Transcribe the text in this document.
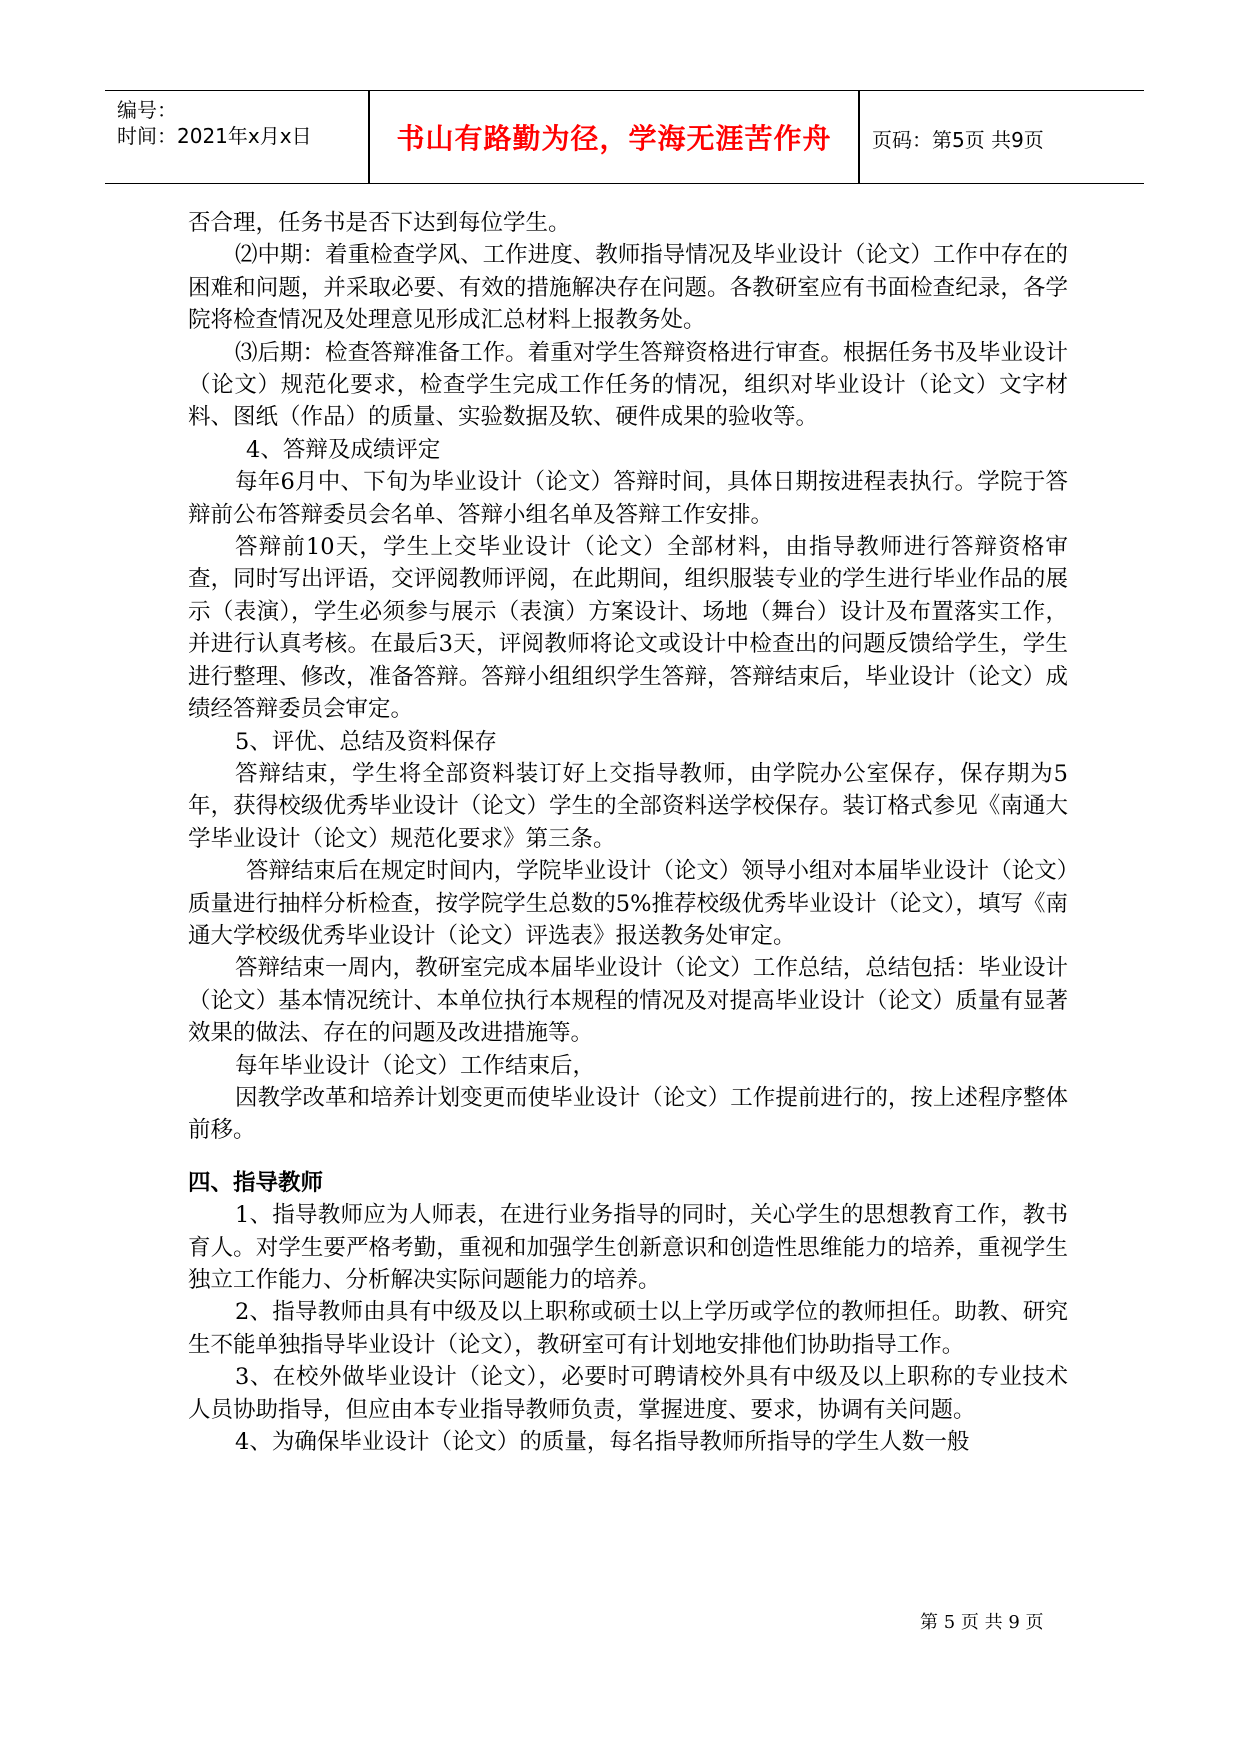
编号：
时间：2021年x月x日	书山有路勤为径，学海无涯苦作舟	页码：第5页 共9页

否合理，任务书是否下达到每位学生。

⑵中期：着重检查学风、工作进度、教师指导情况及毕业设计（论文）工作中存在的困难和问题，并采取必要、有效的措施解决存在问题。各教研室应有书面检查纪录，各学院将检查情况及处理意见形成汇总材料上报教务处。

⑶后期：检查答辩准备工作。着重对学生答辩资格进行审查。根据任务书及毕业设计（论文）规范化要求，检查学生完成工作任务的情况，组织对毕业设计（论文）文字材料、图纸（作品）的质量、实验数据及软、硬件成果的验收等。

4、答辩及成绩评定

每年6月中、下旬为毕业设计（论文）答辩时间，具体日期按进程表执行。学院于答辩前公布答辩委员会名单、答辩小组名单及答辩工作安排。

答辩前10天，学生上交毕业设计（论文）全部材料，由指导教师进行答辩资格审查，同时写出评语，交评阅教师评阅，在此期间，组织服装专业的学生进行毕业作品的展示（表演），学生必须参与展示（表演）方案设计、场地（舞台）设计及布置落实工作，并进行认真考核。在最后3天，评阅教师将论文或设计中检查出的问题反馈给学生，学生进行整理、修改，准备答辩。答辩小组组织学生答辩，答辩结束后，毕业设计（论文）成绩经答辩委员会审定。

5、评优、总结及资料保存

答辩结束，学生将全部资料装订好上交指导教师，由学院办公室保存，保存期为5年，获得校级优秀毕业设计（论文）学生的全部资料送学校保存。装订格式参见《南通大学毕业设计（论文）规范化要求》第三条。

答辩结束后在规定时间内，学院毕业设计（论文）领导小组对本届毕业设计（论文）质量进行抽样分析检查，按学院学生总数的5%推荐校级优秀毕业设计（论文），填写《南通大学校级优秀毕业设计（论文）评选表》报送教务处审定。

答辩结束一周内，教研室完成本届毕业设计（论文）工作总结，总结包括：毕业设计（论文）基本情况统计、本单位执行本规程的情况及对提高毕业设计（论文）质量有显著效果的做法、存在的问题及改进措施等。

每年毕业设计（论文）工作结束后，

因教学改革和培养计划变更而使毕业设计（论文）工作提前进行的，按上述程序整体前移。

四、指导教师

1、指导教师应为人师表，在进行业务指导的同时，关心学生的思想教育工作，教书育人。对学生要严格考勤，重视和加强学生创新意识和创造性思维能力的培养，重视学生独立工作能力、分析解决实际问题能力的培养。

2、指导教师由具有中级及以上职称或硕士以上学历或学位的教师担任。助教、研究生不能单独指导毕业设计（论文），教研室可有计划地安排他们协助指导工作。

3、在校外做毕业设计（论文），必要时可聘请校外具有中级及以上职称的专业技术人员协助指导，但应由本专业指导教师负责，掌握进度、要求，协调有关问题。

4、为确保毕业设计（论文）的质量，每名指导教师所指导的学生人数一般

第 5 页 共 9 页
